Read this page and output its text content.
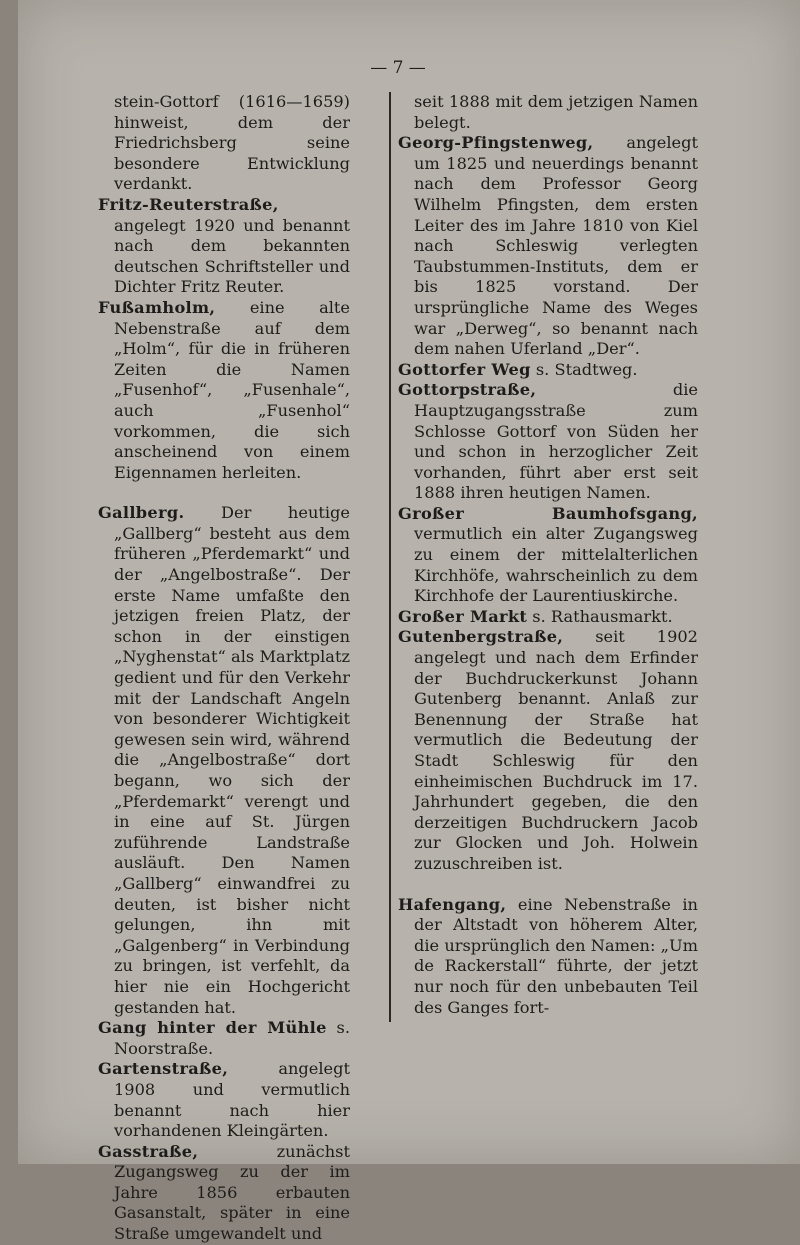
— 7 —

stein-Gottorf (1616—1659) hinweist, dem der Friedrichsberg seine besondere Entwicklung verdankt.

Fritz-Reuterstraße, angelegt 1920 und benannt nach dem bekannten deutschen Schriftsteller und Dichter Fritz Reuter.

Fußamholm, eine alte Nebenstraße auf dem „Holm“, für die in früheren Zeiten die Namen „Fusenhof“, „Fusenhale“, auch „Fusenhol“ vorkommen, die sich anscheinend von einem Eigennamen herleiten.

Gallberg. Der heutige „Gallberg“ besteht aus dem früheren „Pferdemarkt“ und der „Angelbostraße“. Der erste Name umfaßte den jetzigen freien Platz, der schon in der einstigen „Nyghenstat“ als Marktplatz gedient und für den Verkehr mit der Landschaft Angeln von besonderer Wichtigkeit gewesen sein wird, während die „Angelbostraße“ dort begann, wo sich der „Pferdemarkt“ verengt und in eine auf St. Jürgen zuführende Landstraße ausläuft. Den Namen „Gallberg“ einwandfrei zu deuten, ist bisher nicht gelungen, ihn mit „Galgenberg“ in Verbindung zu bringen, ist verfehlt, da hier nie ein Hochgericht gestanden hat.

Gang hinter der Mühle s. Noorstraße.

Gartenstraße,	angelegt 1908 und vermutlich benannt nach hier vorhandenen Kleingärten.

Gasstraße,	zunächst Zugangsweg zu der im Jahre 1856 erbauten Gasanstalt, später in eine Straße umgewandelt und

seit 1888 mit dem jetzigen Namen belegt.

Georg-Pfingstenweg, angelegt um 1825 und neuerdings benannt nach dem Professor Georg Wilhelm Pfingsten, dem ersten Leiter des im Jahre 1810 von Kiel nach Schleswig verlegten Taubstummen-Instituts, dem er bis 1825 vorstand. Der ursprüngliche Name des Weges war „Derweg“, so benannt nach dem nahen Uferland „Der“.

Gottorfer Weg s. Stadtweg.

Gottorpstraße,	die Hauptzugangsstraße zum Schlosse Gottorf von Süden her und schon in herzoglicher Zeit vorhanden, führt aber erst seit 1888 ihren heutigen Namen.

Großer Baumhofsgang, vermutlich ein alter Zugangsweg zu einem der mittelalterlichen Kirchhöfe, wahrscheinlich zu dem Kirchhofe der Laurentiuskirche.

Großer Markt s. Rathausmarkt.

Gutenbergstraße, seit 1902 angelegt und nach dem Erfinder der Buchdruckerkunst Johann Gutenberg benannt. Anlaß zur Benennung der Straße hat vermutlich die Bedeutung der Stadt Schleswig für den einheimischen Buchdruck im 17. Jahrhundert gegeben, die den derzeitigen Buchdruckern Jacob zur Glocken und Joh. Holwein zuzuschreiben ist.

Hafengang, eine Nebenstraße in der Altstadt von höherem Alter, die ursprünglich den Namen: „Um de Rackerstall“ führte, der jetzt nur noch für den unbebauten Teil des Ganges fort-
